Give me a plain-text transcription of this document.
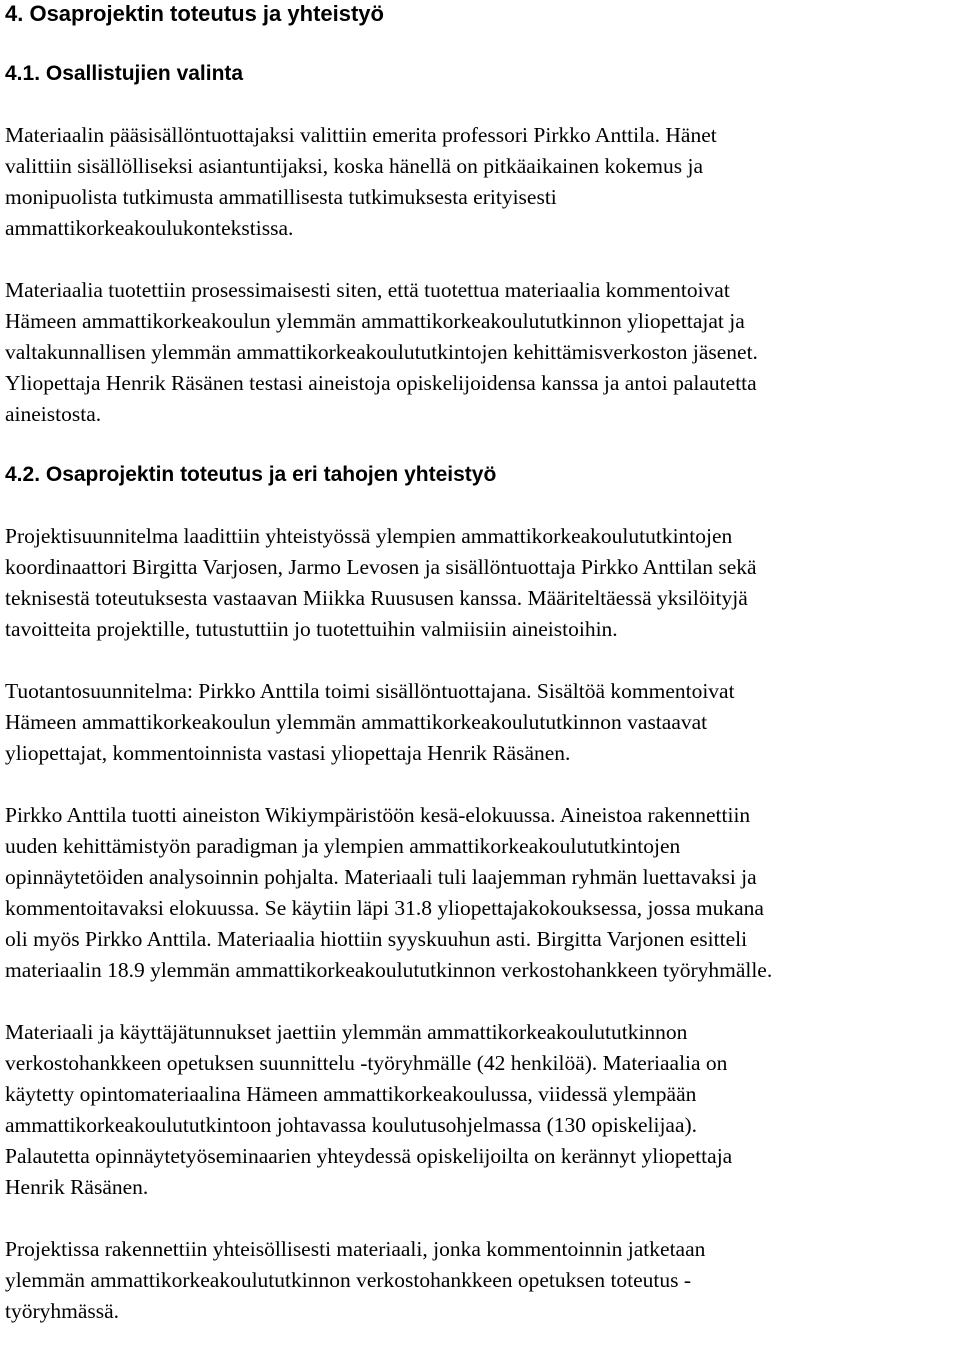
4. Osaprojektin toteutus ja yhteistyö
4.1. Osallistujien valinta

Materiaalin pääsisällöntuottajaksi valittiin emerita professori Pirkko Anttila. Hänet
valittiin sisällölliseksi asiantuntijaksi, koska hänellä on pitkäaikainen kokemus ja
monipuolista tutkimusta ammatillisesta tutkimuksesta erityisesti
ammattikorkeakoulukontekstissa.

Materiaalia tuotettiin prosessimaisesti siten, että tuotettua materiaalia kommentoivat
Hämeen ammattikorkeakoulun ylemmän ammattikorkeakoulututkinnon yliopettajat ja
valtakunnallisen ylemmän ammattikorkeakoulututkintojen kehittämisverkoston jäsenet.
Yliopettaja Henrik Räsänen testasi aineistoja opiskelijoidensa kanssa ja antoi palautetta
aineistosta.

4.2. Osaprojektin toteutus ja eri tahojen yhteistyö

Projektisuunnitelma laadittiin yhteistyössä ylempien ammattikorkeakoulututkintojen
koordinaattori Birgitta Varjosen, Jarmo Levosen ja sisällöntuottaja Pirkko Anttilan sekä
teknisestä toteutuksesta vastaavan Miikka Ruususen kanssa. Määriteltäessä yksilöityjä
tavoitteita projektille, tutustuttiin jo tuotettuihin valmiisiin aineistoihin.

Tuotantosuunnitelma: Pirkko Anttila toimi sisällöntuottajana. Sisältöä kommentoivat
Hämeen ammattikorkeakoulun ylemmän ammattikorkeakoulututkinnon vastaavat
yliopettajat, kommentoinnista vastasi yliopettaja Henrik Räsänen.

Pirkko Anttila tuotti aineiston Wikiympäristöön kesä-elokuussa. Aineistoa rakennettiin
uuden kehittämistyön paradigman ja ylempien ammattikorkeakoulututkintojen
opinnäytetöiden analysoinnin pohjalta. Materiaali tuli laajemman ryhmän luettavaksi ja
kommentoitavaksi elokuussa. Se käytiin läpi 31.8 yliopettajakokouksessa, jossa mukana
oli myös Pirkko Anttila. Materiaalia hiottiin syyskuuhun asti. Birgitta Varjonen esitteli
materiaalin 18.9 ylemmän ammattikorkeakoulututkinnon verkostohankkeen työryhmälle.

Materiaali ja käyttäjätunnukset jaettiin ylemmän ammattikorkeakoulututkinnon
verkostohankkeen opetuksen suunnittelu -työryhmälle (42 henkilöä). Materiaalia on
käytetty opintomateriaalina Hämeen ammattikorkeakoulussa, viidessä ylempään
ammattikorkeakoulututkintoon johtavassa koulutusohjelmassa (130 opiskelijaa).
Palautetta opinnäytetyöseminaarien yhteydessä opiskelijoilta on kerännyt yliopettaja
Henrik Räsänen.

Projektissa rakennettiin yhteisöllisesti materiaali, jonka kommentoinnin jatketaan
ylemmän ammattikorkeakoulututkinnon verkostohankkeen opetuksen toteutus -
työryhmässä.
